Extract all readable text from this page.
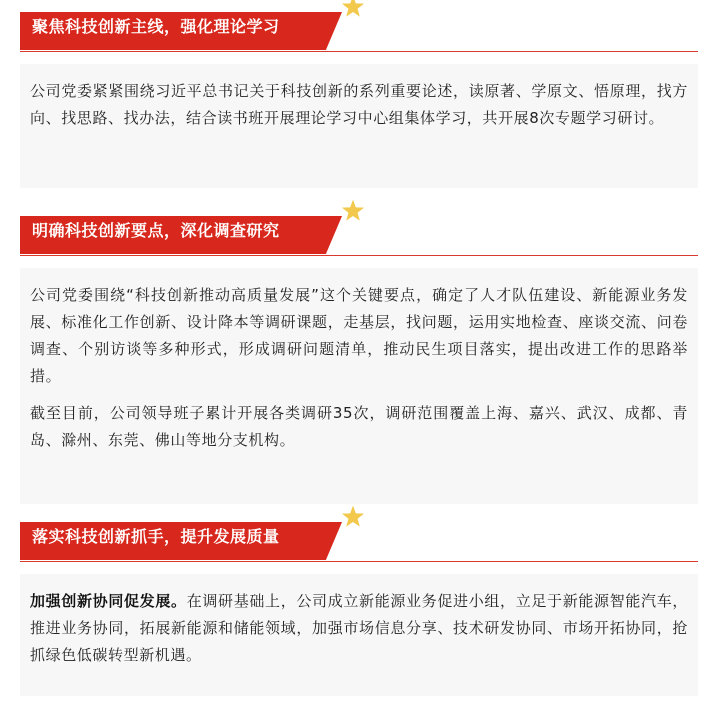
聚焦科技创新主线，强化理论学习

公司党委紧紧围绕习近平总书记关于科技创新的系列重要论述，读原著、学原文、悟原理，找方向、找思路、找办法，结合读书班开展理论学习中心组集体学习，共开展8次专题学习研讨。

明确科技创新要点，深化调查研究

公司党委围绕“科技创新推动高质量发展”这个关键要点，确定了人才队伍建设、新能源业务发展、标准化工作创新、设计降本等调研课题，走基层，找问题，运用实地检查、座谈交流、问卷调查、个别访谈等多种形式，形成调研问题清单，推动民生项目落实，提出改进工作的思路举措。

截至目前，公司领导班子累计开展各类调研35次，调研范围覆盖上海、嘉兴、武汉、成都、青岛、滁州、东莞、佛山等地分支机构。

落实科技创新抓手，提升发展质量

加强创新协同促发展。在调研基础上，公司成立新能源业务促进小组，立足于新能源智能汽车，推进业务协同，拓展新能源和储能领域，加强市场信息分享、技术研发协同、市场开拓协同，抢抓绿色低碳转型新机遇。
